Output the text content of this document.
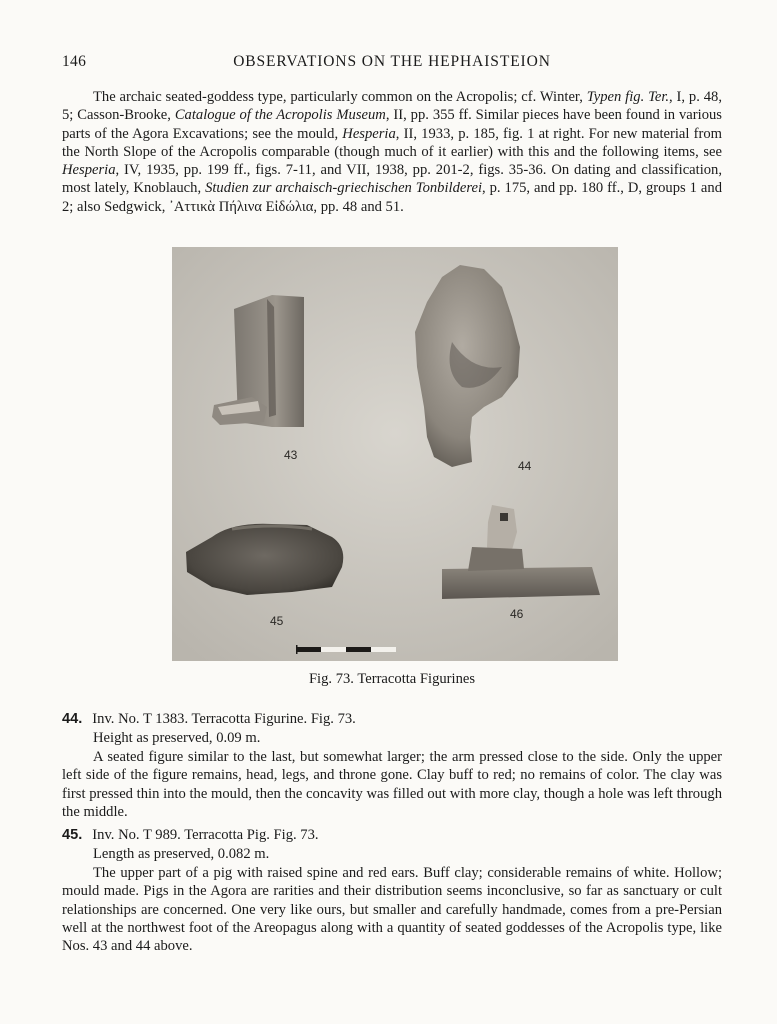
146	OBSERVATIONS ON THE HEPHAISTEION

The archaic seated-goddess type, particularly common on the Acropolis; cf. Winter, Typen fig. Ter., I, p. 48, 5; Casson-Brooke, Catalogue of the Acropolis Museum, II, pp. 355 ff. Similar pieces have been found in various parts of the Agora Excavations; see the mould, Hesperia, II, 1933, p. 185, fig. 1 at right. For new material from the North Slope of the Acropolis comparable (though much of it earlier) with this and the following items, see Hesperia, IV, 1935, pp. 199 ff., figs. 7-11, and VII, 1938, pp. 201-2, figs. 35-36. On dating and classification, most lately, Knoblauch, Studien zur archaisch-griechischen Tonbilderei, p. 175, and pp. 180 ff., D, groups 1 and 2; also Sedgwick, ᾽Αττικὰ Πήλινα Εἰδώλια, pp. 48 and 51.

43
44
45	46
Fig. 73. Terracotta Figurines
44. Inv. No. T 1383. Terracotta Figurine. Fig. 73.
Height as preserved, 0.09 m.

A seated figure similar to the last, but somewhat larger; the arm pressed close to the side. Only the upper left side of the figure remains, head, legs, and throne gone. Clay buff to red; no remains of color. The clay was first pressed thin into the mould, then the concavity was filled out with more clay, though a hole was left through the middle.

45. Inv. No. T 989. Terracotta Pig. Fig. 73.
Length as preserved, 0.082 m.

The upper part of a pig with raised spine and red ears. Buff clay; considerable remains of white. Hollow; mould made. Pigs in the Agora are rarities and their distribution seems inconclusive, so far as sanctuary or cult relationships are concerned. One very like ours, but smaller and carefully handmade, comes from a pre-Persian well at the northwest foot of the Areopagus along with a quantity of seated goddesses of the Acropolis type, like Nos. 43 and 44 above.
